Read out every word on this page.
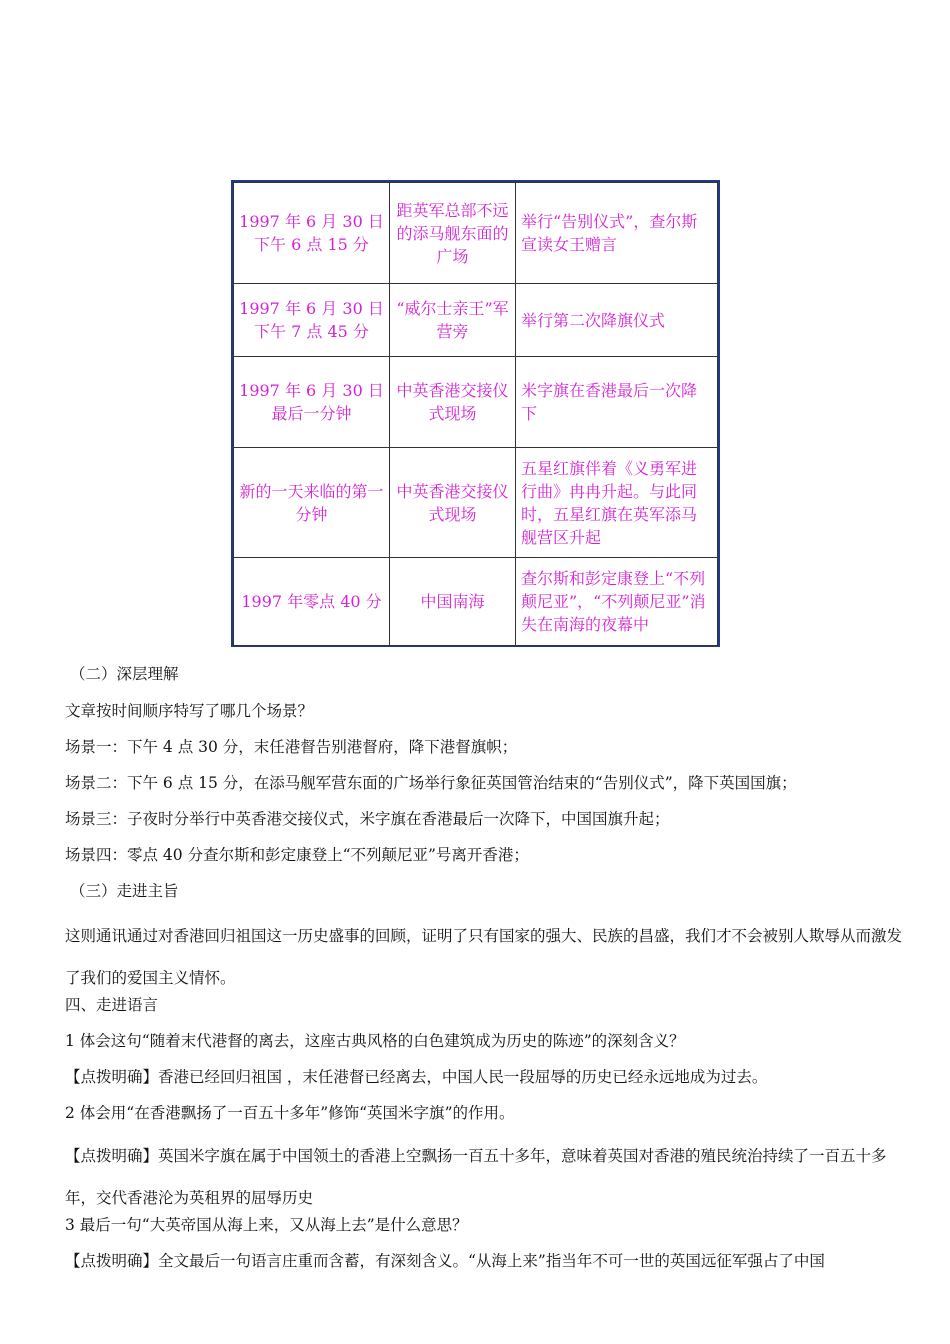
1997 年 6 月 30 日下午 6 点 15 分	距英军总部不远的添马舰东面的广场	举行“告别仪式”，查尔斯宣读女王赠言
1997 年 6 月 30 日下午 7 点 45 分	“威尔士亲王”军营旁	举行第二次降旗仪式
1997 年 6 月 30 日最后一分钟	中英香港交接仪式现场	米字旗在香港最后一次降下
新的一天来临的第一分钟	中英香港交接仪式现场	五星红旗伴着《义勇军进行曲》冉冉升起。与此同时，五星红旗在英军添马舰营区升起
1997 年零点 40 分	中国南海	查尔斯和彭定康登上“不列颠尼亚”，“不列颠尼亚”消失在南海的夜幕中
（二）深层理解
文章按时间顺序特写了哪几个场景？
场景一：下午 4 点 30 分，末任港督告别港督府，降下港督旗帜；
场景二：下午 6 点 15 分，在添马舰军营东面的广场举行象征英国管治结束的“告别仪式”，降下英国国旗；
场景三：子夜时分举行中英香港交接仪式，米字旗在香港最后一次降下，中国国旗升起；
场景四：零点 40 分查尔斯和彭定康登上“不列颠尼亚”号离开香港；
（三）走进主旨
这则通讯通过对香港回归祖国这一历史盛事的回顾，证明了只有国家的强大、民族的昌盛，我们才不会被别人欺辱从而激发了我们的爱国主义情怀。
四、走进语言
1 体会这句“随着末代港督的离去，这座古典风格的白色建筑成为历史的陈迹”的深刻含义？
【点拨明确】香港已经回归祖国 ，末任港督已经离去，中国人民一段屈辱的历史已经永远地成为过去。
2 体会用“在香港飘扬了一百五十多年”修饰“英国米字旗”的作用。
【点拨明确】英国米字旗在属于中国领土的香港上空飘扬一百五十多年，意味着英国对香港的殖民统治持续了一百五十多年，交代香港沦为英租界的屈辱历史
3 最后一句“大英帝国从海上来，又从海上去”是什么意思？
【点拨明确】全文最后一句语言庄重而含蓄，有深刻含义。“从海上来”指当年不可一世的英国远征军强占了中国
